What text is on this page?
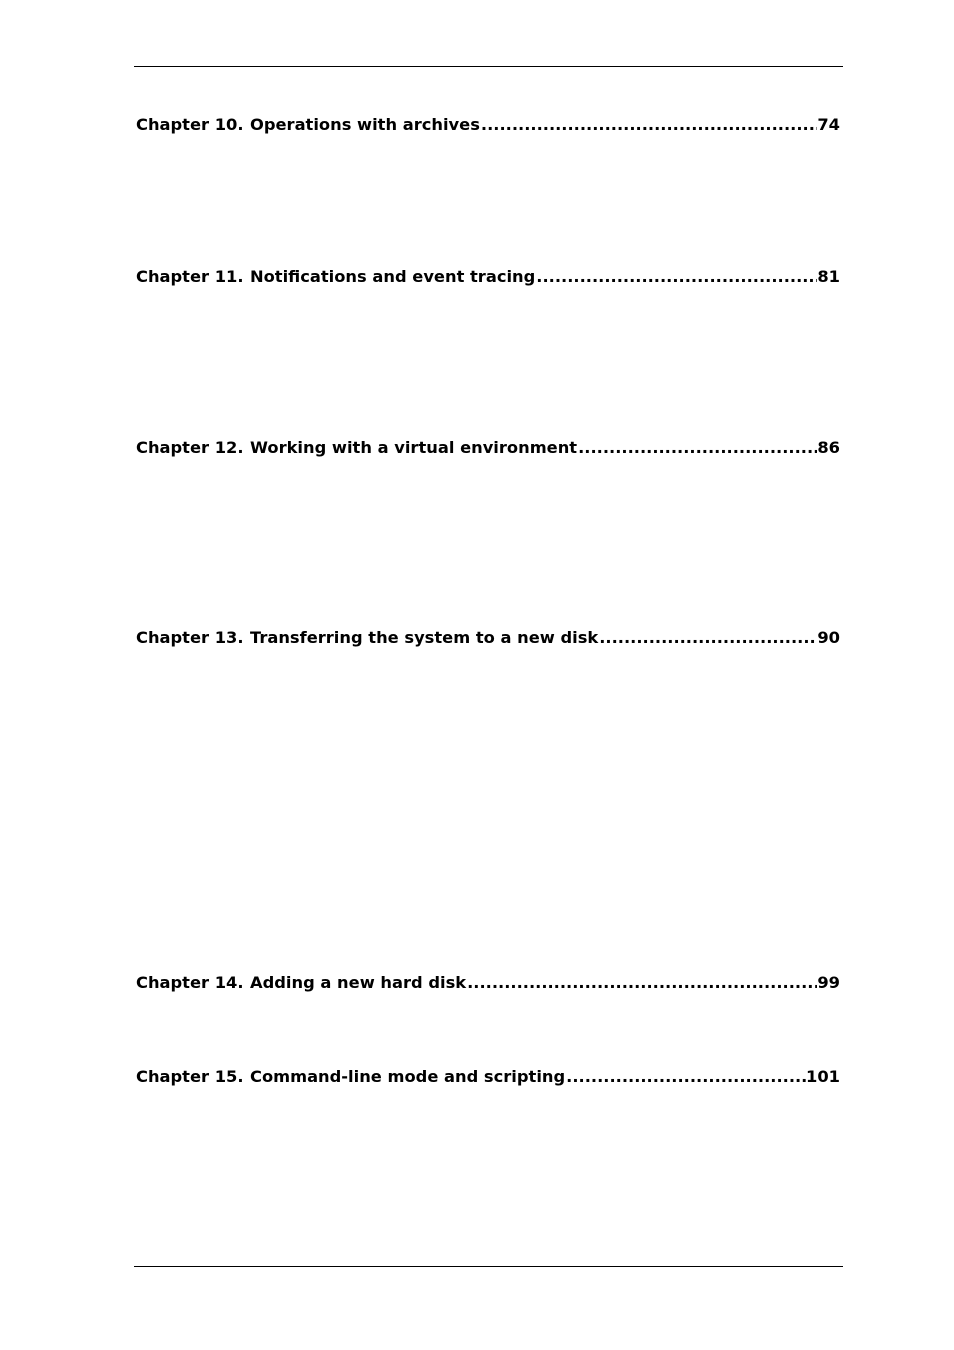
Chapter 10. Operations with archives .....	74
Chapter 11. Notifications and event tracing .....	81
Chapter 12. Working with a virtual environment .....	86
Chapter 13. Transferring the system to a new disk .....	90
Chapter 14. Adding a new hard disk .....	99
Chapter 15. Command-line mode and scripting .....	101
